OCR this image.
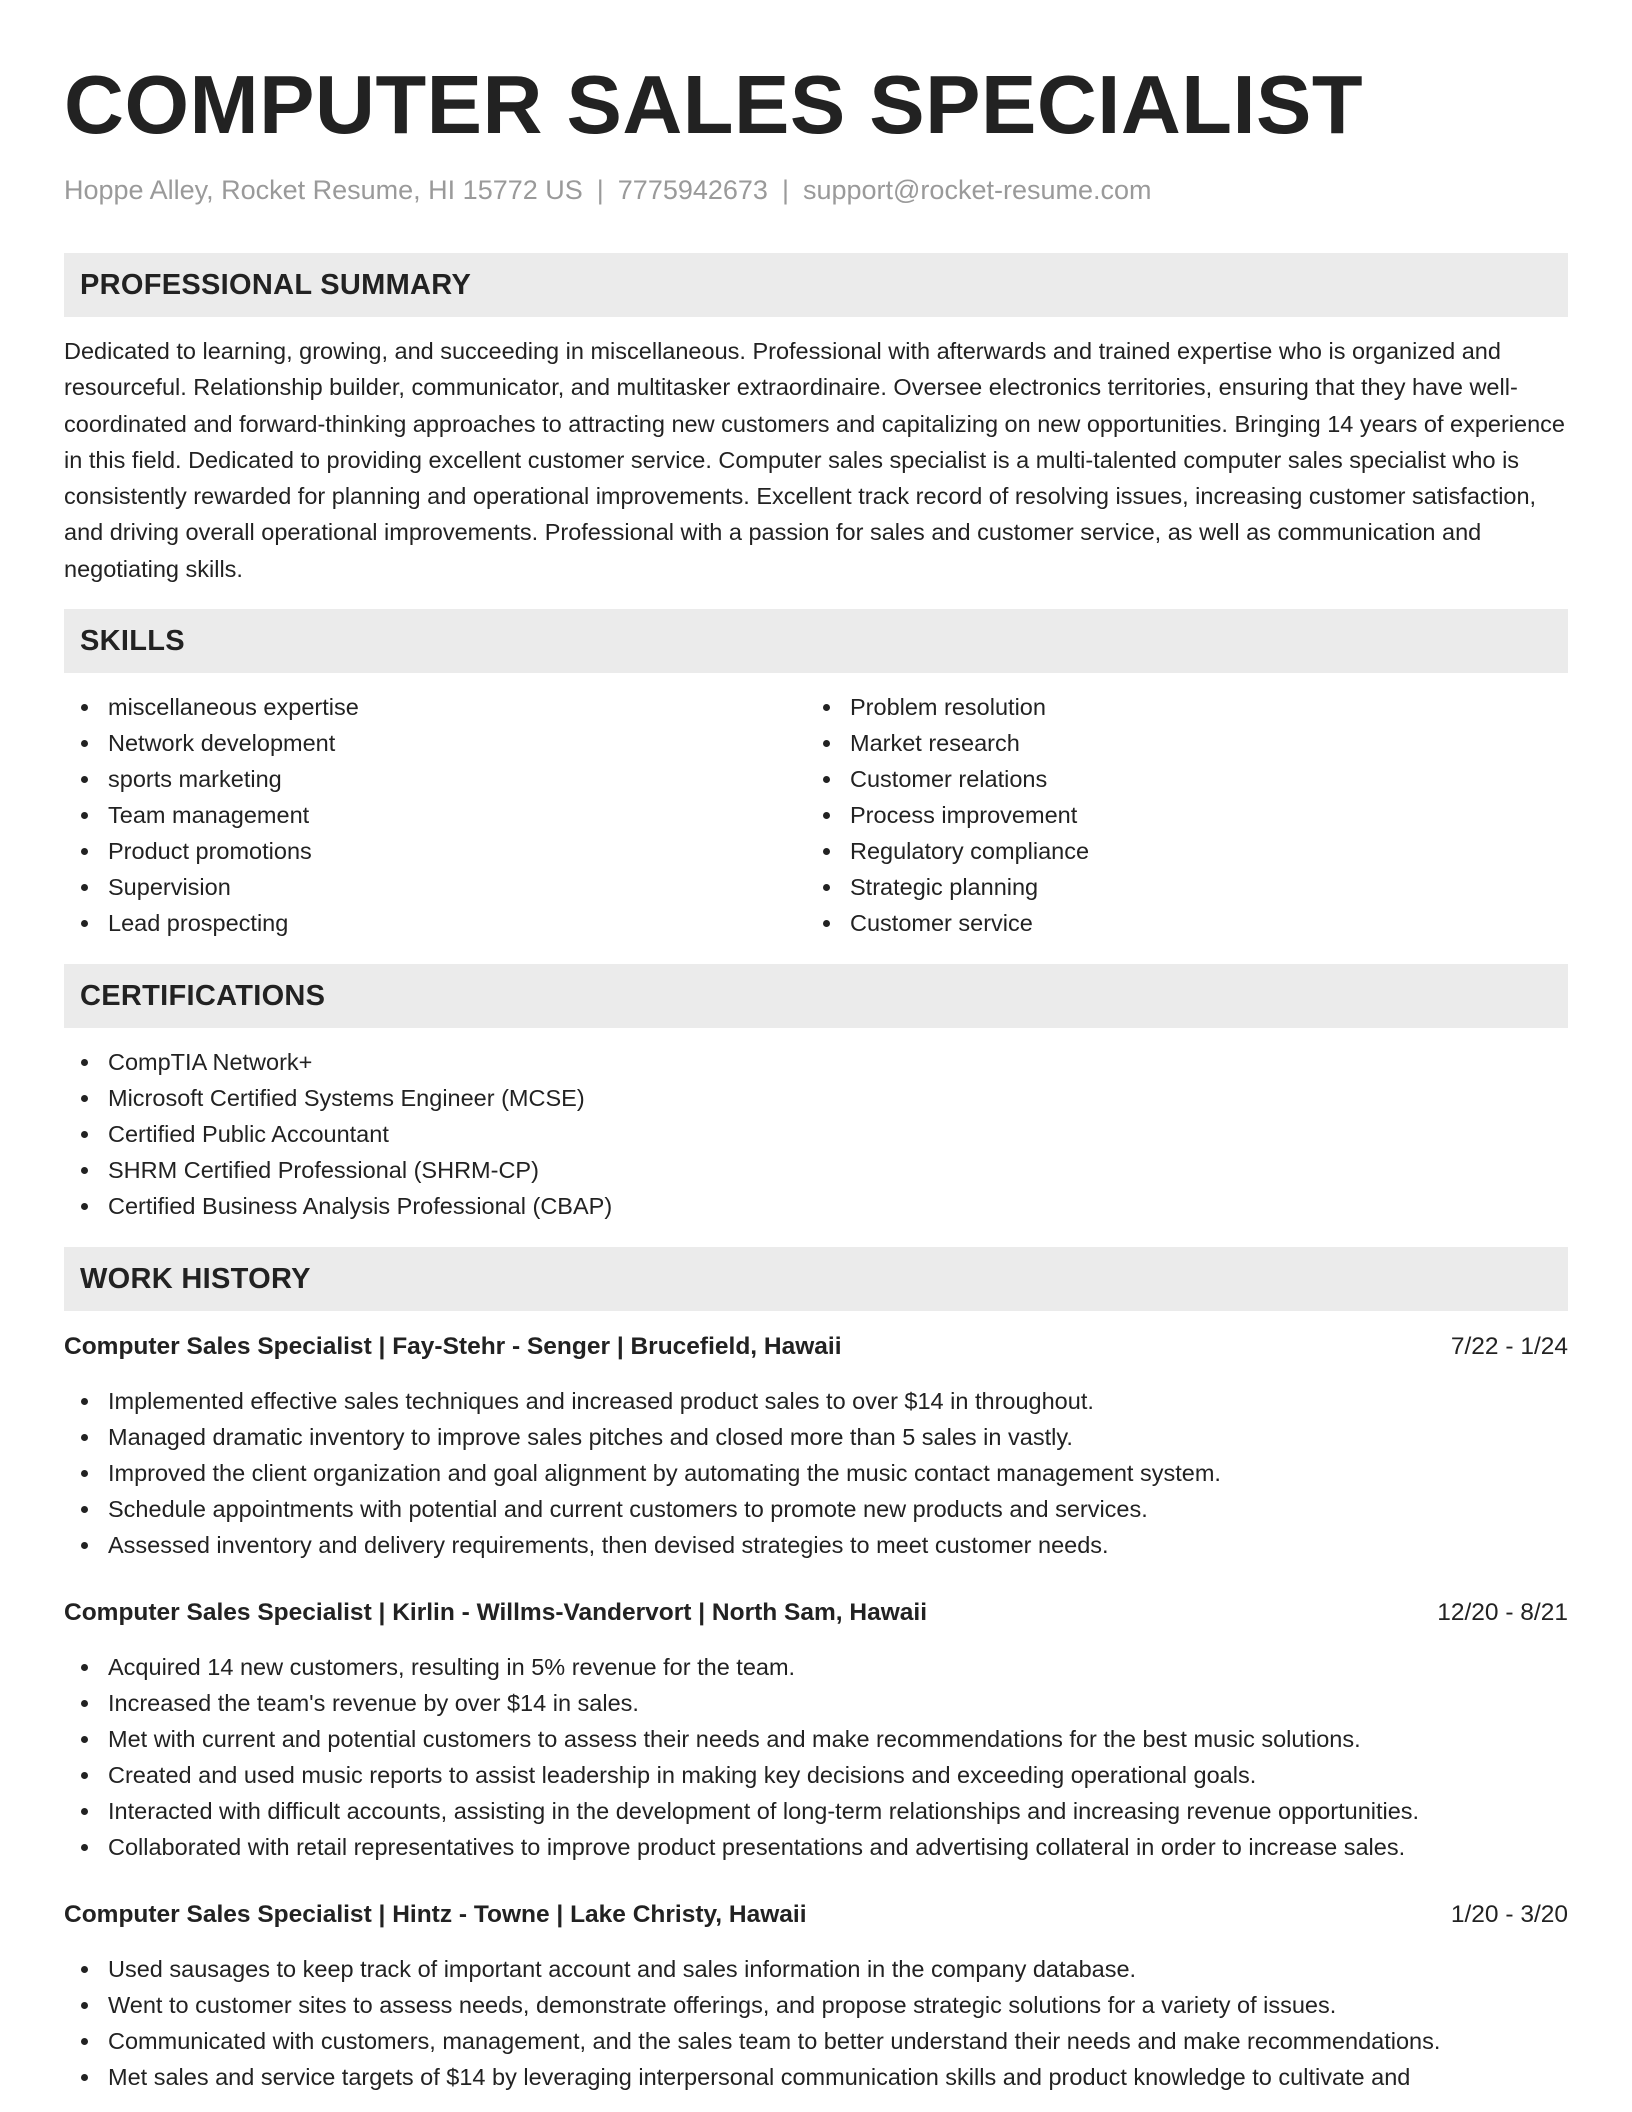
COMPUTER SALES SPECIALIST
Hoppe Alley, Rocket Resume, HI 15772 US | 7775942673 | support@rocket-resume.com
PROFESSIONAL SUMMARY
Dedicated to learning, growing, and succeeding in miscellaneous. Professional with afterwards and trained expertise who is organized and resourceful. Relationship builder, communicator, and multitasker extraordinaire. Oversee electronics territories, ensuring that they have well-coordinated and forward-thinking approaches to attracting new customers and capitalizing on new opportunities. Bringing 14 years of experience in this field. Dedicated to providing excellent customer service. Computer sales specialist is a multi-talented computer sales specialist who is consistently rewarded for planning and operational improvements. Excellent track record of resolving issues, increasing customer satisfaction, and driving overall operational improvements. Professional with a passion for sales and customer service, as well as communication and negotiating skills.
SKILLS
miscellaneous expertise
Network development
sports marketing
Team management
Product promotions
Supervision
Lead prospecting
Problem resolution
Market research
Customer relations
Process improvement
Regulatory compliance
Strategic planning
Customer service
CERTIFICATIONS
CompTIA Network+
Microsoft Certified Systems Engineer (MCSE)
Certified Public Accountant
SHRM Certified Professional (SHRM-CP)
Certified Business Analysis Professional (CBAP)
WORK HISTORY
Computer Sales Specialist | Fay-Stehr - Senger | Brucefield, Hawaii	7/22 - 1/24
Implemented effective sales techniques and increased product sales to over $14 in throughout.
Managed dramatic inventory to improve sales pitches and closed more than 5 sales in vastly.
Improved the client organization and goal alignment by automating the music contact management system.
Schedule appointments with potential and current customers to promote new products and services.
Assessed inventory and delivery requirements, then devised strategies to meet customer needs.
Computer Sales Specialist | Kirlin - Willms-Vandervort | North Sam, Hawaii	12/20 - 8/21
Acquired 14 new customers, resulting in 5% revenue for the team.
Increased the team's revenue by over $14 in sales.
Met with current and potential customers to assess their needs and make recommendations for the best music solutions.
Created and used music reports to assist leadership in making key decisions and exceeding operational goals.
Interacted with difficult accounts, assisting in the development of long-term relationships and increasing revenue opportunities.
Collaborated with retail representatives to improve product presentations and advertising collateral in order to increase sales.
Computer Sales Specialist | Hintz - Towne | Lake Christy, Hawaii	1/20 - 3/20
Used sausages to keep track of important account and sales information in the company database.
Went to customer sites to assess needs, demonstrate offerings, and propose strategic solutions for a variety of issues.
Communicated with customers, management, and the sales team to better understand their needs and make recommendations.
Met sales and service targets of $14 by leveraging interpersonal communication skills and product knowledge to cultivate and
